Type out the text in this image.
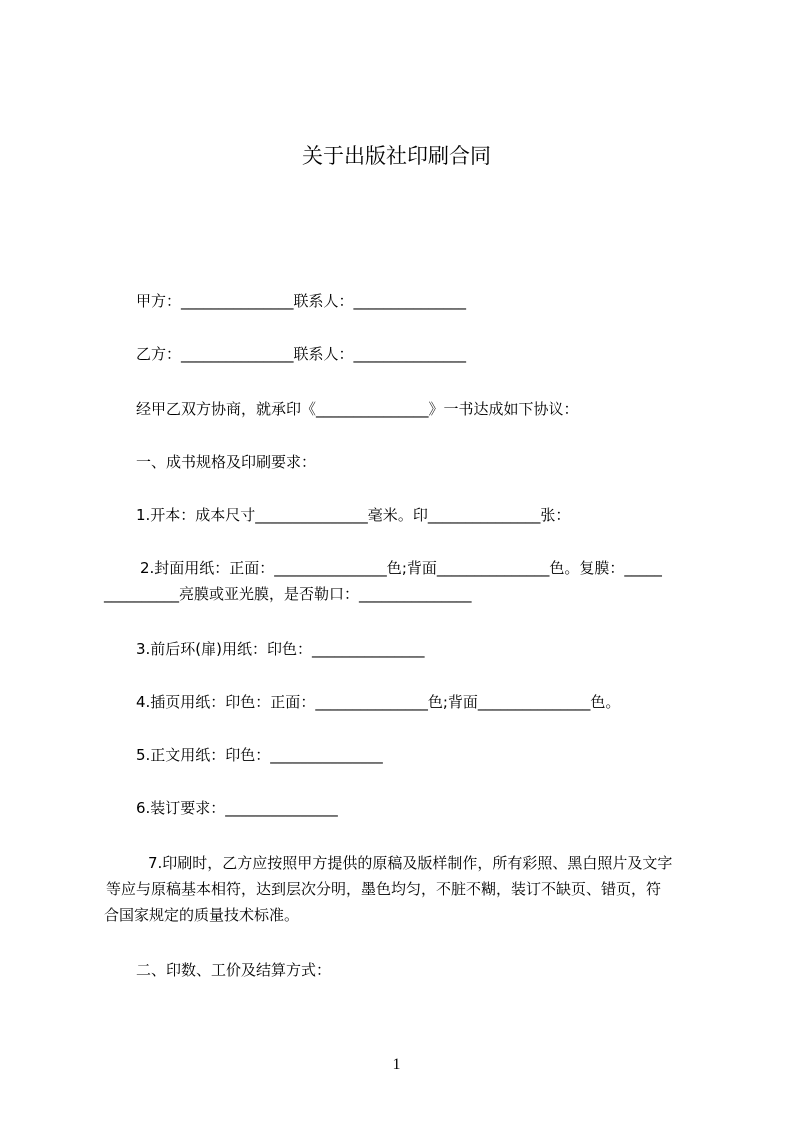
关于出版社印刷合同
甲方：_______________联系人：_______________
乙方：_______________联系人：_______________
经甲乙双方协商，就承印《_______________》一书达成如下协议：
一、成书规格及印刷要求：
1.开本：成本尺寸_______________毫米。印_______________张：
2.封面用纸：正面：_______________色;背面_______________色。复膜：_____
__________亮膜或亚光膜，是否勒口：_______________
3.前后环(扉)用纸：印色：_______________
4.插页用纸：印色：正面：_______________色;背面_______________色。
5.正文用纸：印色：_______________
6.装订要求：_______________
7.印刷时，乙方应按照甲方提供的原稿及版样制作，所有彩照、黑白照片及文字
等应与原稿基本相符，达到层次分明，墨色均匀，不脏不糊，装订不缺页、错页，符
合国家规定的质量技术标准。
二、印数、工价及结算方式：
1
